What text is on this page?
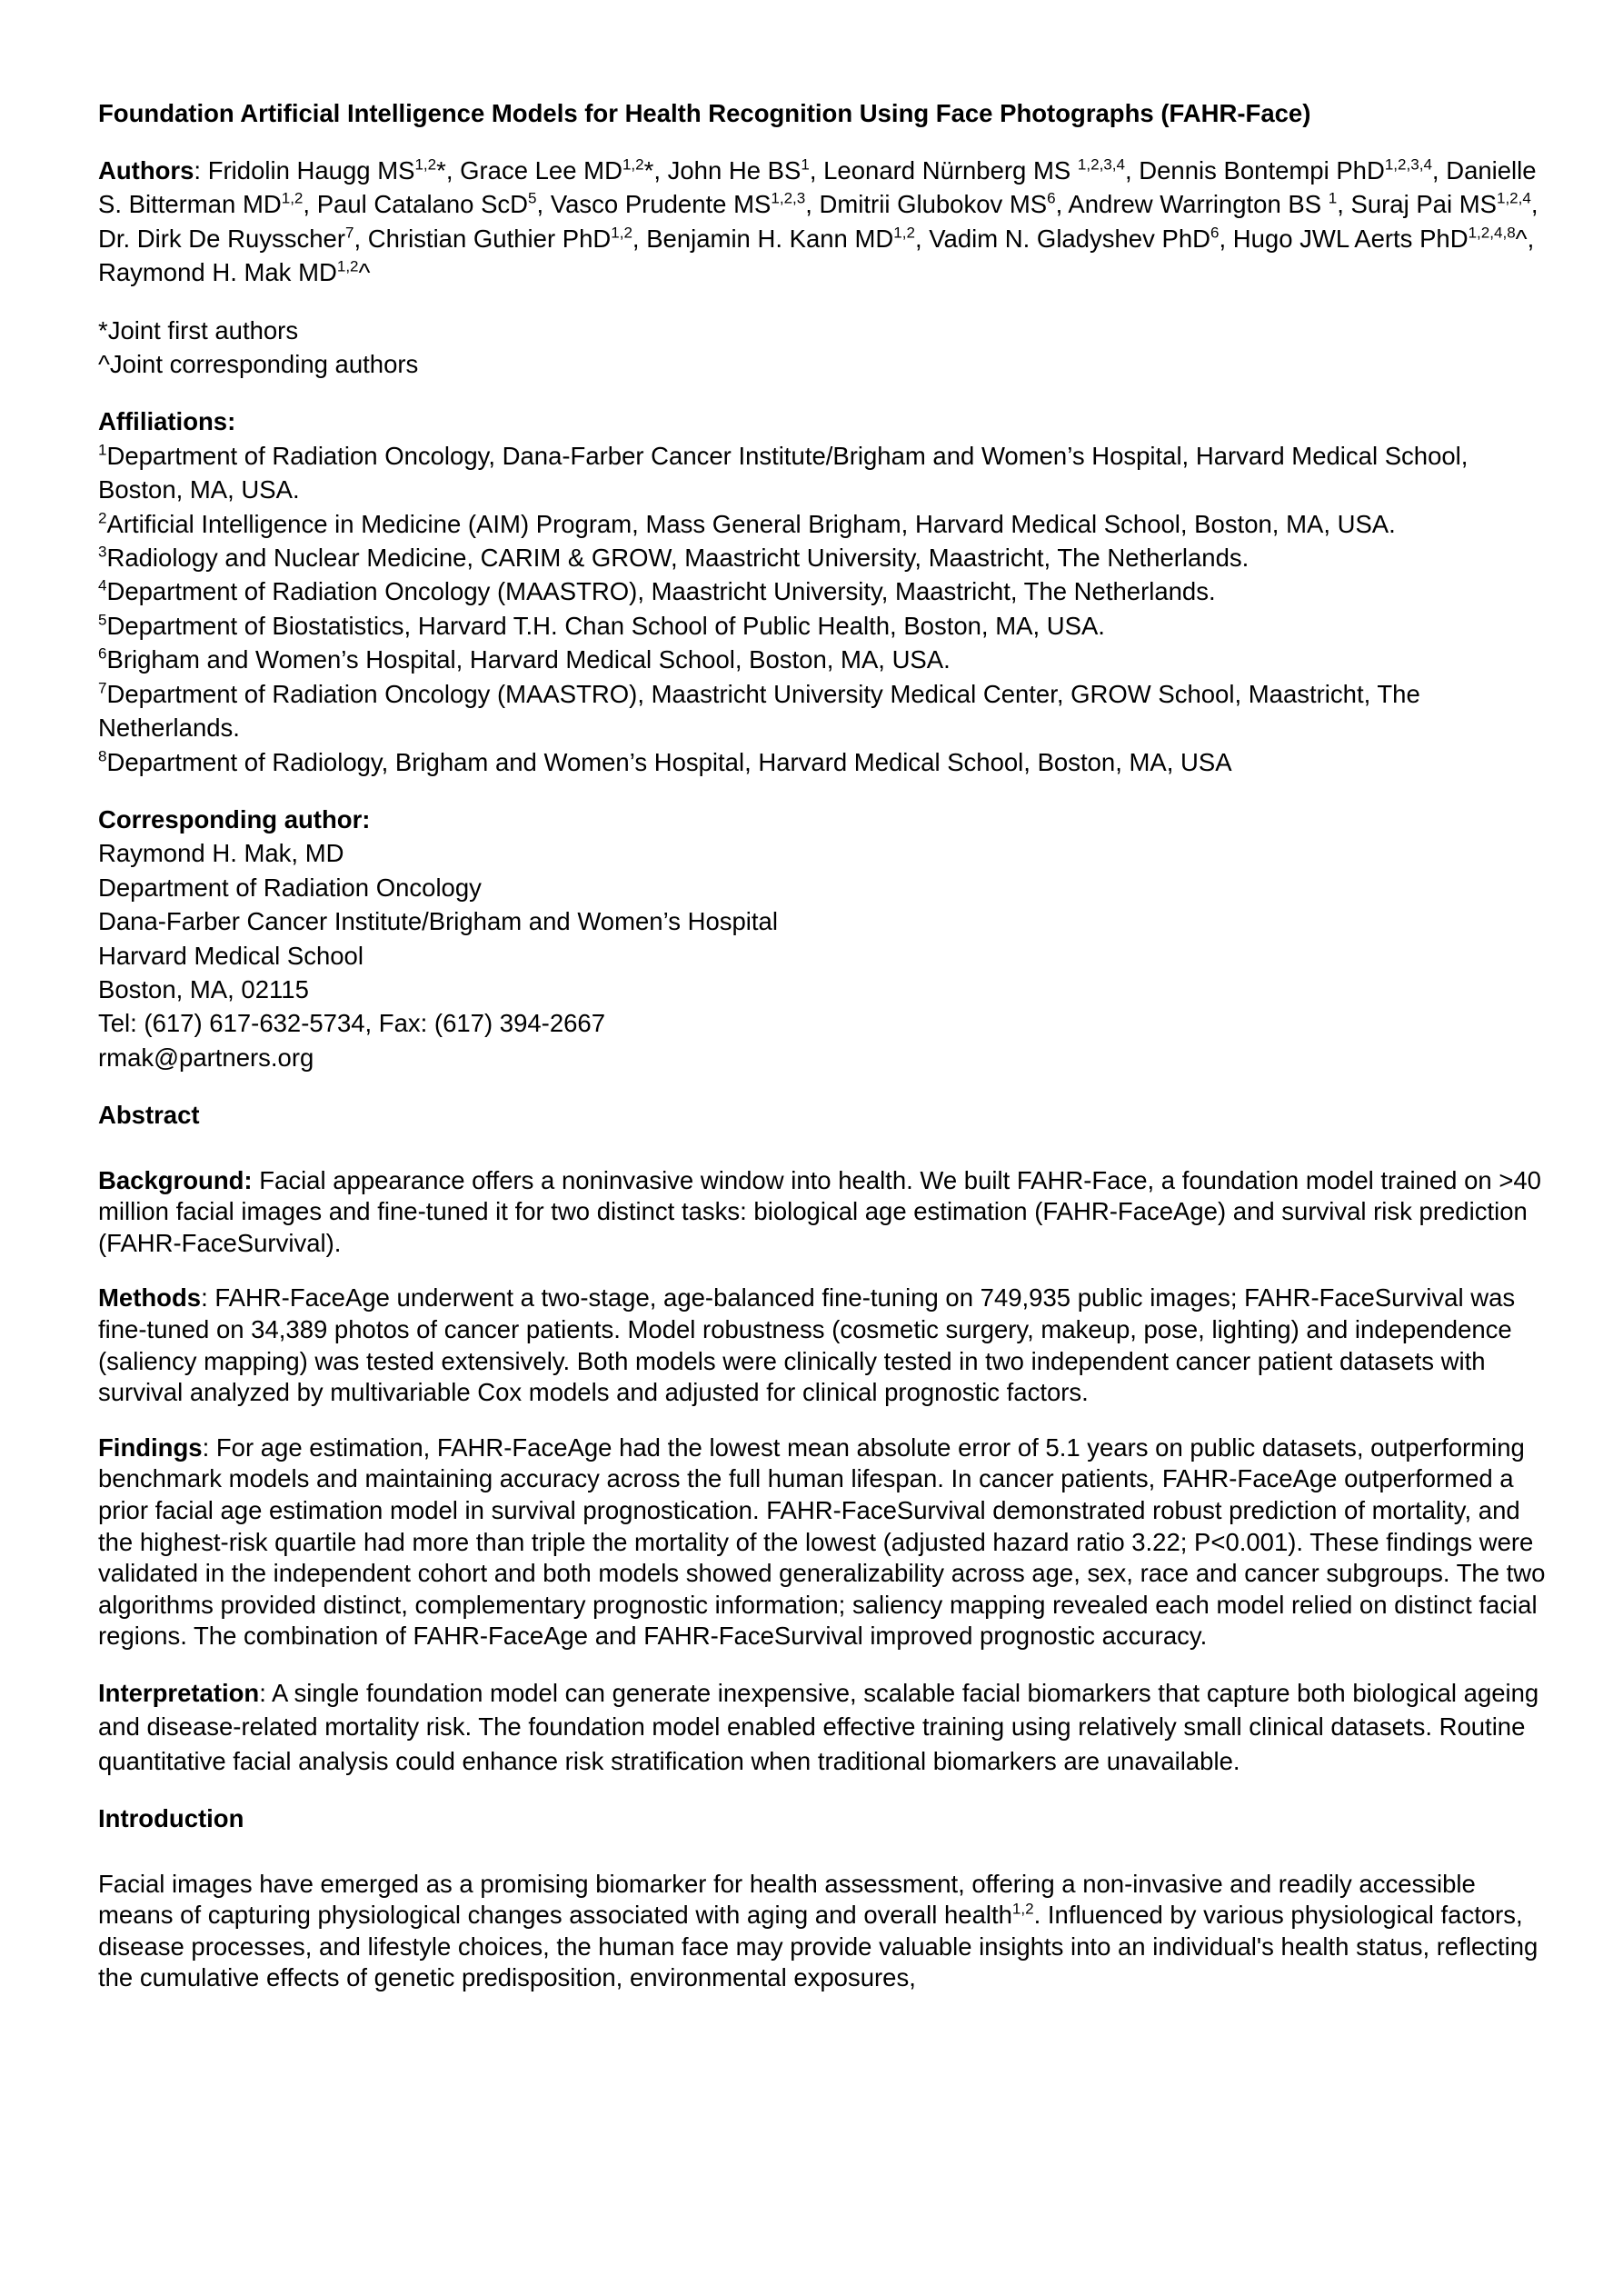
Foundation Artificial Intelligence Models for Health Recognition Using Face Photographs (FAHR-Face)

Authors: Fridolin Haugg MS$^{1,2}$*, Grace Lee MD$^{1,2}$*, John He $BS^1$, Leonard Nürnberg MS $^{1,2,3,4}$, Dennis Bontempi PhD$^{1,2,3,4}$, Danielle S. Bitterman MD$^{1,2}$, Paul Catalano ScD$^5$, Vasco Prudente MS$^{1,2,3}$, Dmitrii Glubokov $MS^6$, Andrew Warrington BS $^1$, Suraj Pai MS$^{1,2,4}$, Dr. Dirk De Ruysscher$^7$, Christian Guthier PhD$^{1,2}$, Benjamin H. Kann MD$^{1,2}$, Vadim N. Gladyshev PhD$^6$, Hugo JWL Aerts PhD$^{1,2,4,8}$^, Raymond H. Mak MD$^{1,2}$^

*Joint first authors

^Joint corresponding authors

Affiliations:

$^1$Department of Radiation Oncology, Dana-Farber Cancer Institute/Brigham and Women’s Hospital, Harvard Medical School, Boston, MA, USA.

$^2$Artificial Intelligence in Medicine (AIM) Program, Mass General Brigham, Harvard Medical School, Boston, MA, USA.

$^3$Radiology and Nuclear Medicine, CARIM & GROW, Maastricht University, Maastricht, The Netherlands.

$^4$Department of Radiation Oncology (MAASTRO), Maastricht University, Maastricht, The Netherlands.

$^5$Department of Biostatistics, Harvard T.H. Chan School of Public Health, Boston, MA, USA.

$^6$Brigham and Women’s Hospital, Harvard Medical School, Boston, MA, USA.

$^7$Department of Radiation Oncology (MAASTRO), Maastricht University Medical Center, GROW School, Maastricht, The Netherlands.

$^8$Department of Radiology, Brigham and Women’s Hospital, Harvard Medical School, Boston, MA, USA

Corresponding author:

Raymond H. Mak, MD

Department of Radiation Oncology

Dana-Farber Cancer Institute/Brigham and Women’s Hospital

Harvard Medical School

Boston, MA, 02115

Tel: (617) 617-632-5734, Fax: (617) 394-2667

rmak@partners.org

Abstract

Background: Facial appearance offers a noninvasive window into health. We built FAHR-Face, a foundation model trained on >40 million facial images and fine-tuned it for two distinct tasks: biological age estimation (FAHR-FaceAge) and survival risk prediction (FAHR-FaceSurvival).

Methods: FAHR-FaceAge underwent a two-stage, age-balanced fine-tuning on 749,935 public images; FAHR-FaceSurvival was fine-tuned on 34,389 photos of cancer patients. Model robustness (cosmetic surgery, makeup, pose, lighting) and independence (saliency mapping) was tested extensively. Both models were clinically tested in two independent cancer patient datasets with survival analyzed by multivariable Cox models and adjusted for clinical prognostic factors.

Findings: For age estimation, FAHR-FaceAge had the lowest mean absolute error of 5.1 years on public datasets, outperforming benchmark models and maintaining accuracy across the full human lifespan. In cancer patients, FAHR-FaceAge outperformed a prior facial age estimation model in survival prognostication. FAHR-FaceSurvival demonstrated robust prediction of mortality, and the highest-risk quartile had more than triple the mortality of the lowest (adjusted hazard ratio 3.22; P<0.001). These findings were validated in the independent cohort and both models showed generalizability across age, sex, race and cancer subgroups. The two algorithms provided distinct, complementary prognostic information; saliency mapping revealed each model relied on distinct facial regions. The combination of FAHR-FaceAge and FAHR-FaceSurvival improved prognostic accuracy.

Interpretation: A single foundation model can generate inexpensive, scalable facial biomarkers that capture both biological ageing and disease-related mortality risk. The foundation model enabled effective training using relatively small clinical datasets. Routine quantitative facial analysis could enhance risk stratification when traditional biomarkers are unavailable.

Introduction

Facial images have emerged as a promising biomarker for health assessment, offering a non-invasive and readily accessible means of capturing physiological changes associated with aging and overall health$^{1,2}$. Influenced by various physiological factors, disease processes, and lifestyle choices, the human face may provide valuable insights into an individual's health status, reflecting the cumulative effects of genetic predisposition, environmental exposures,
